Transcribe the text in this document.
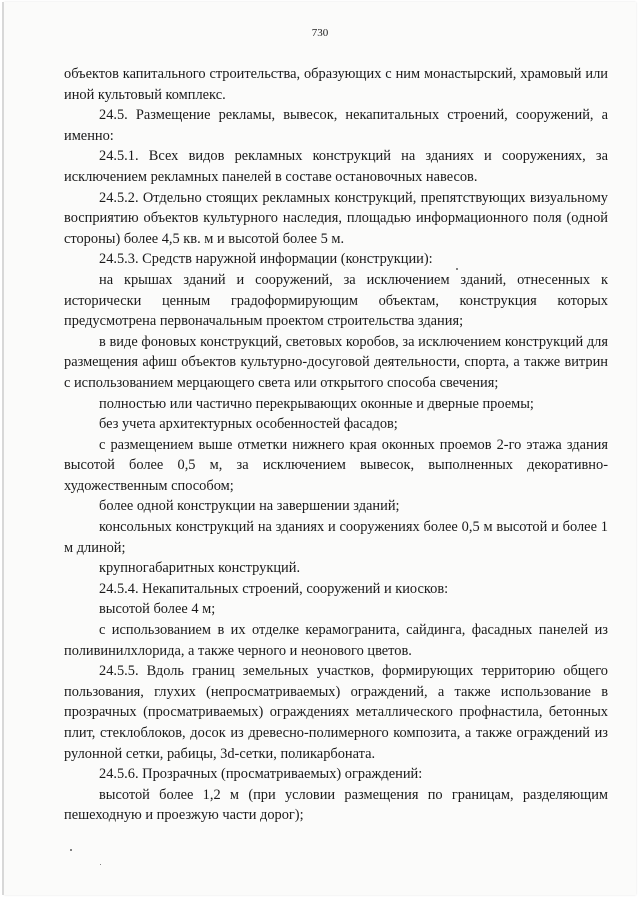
730

объектов капитального строительства, образующих с ним монастырский, храмовый или иной культовый комплекс.

24.5. Размещение рекламы, вывесок, некапитальных строений, сооружений, а именно:

24.5.1. Всех видов рекламных конструкций на зданиях и сооружениях, за исключением рекламных панелей в составе остановочных навесов.

24.5.2. Отдельно стоящих рекламных конструкций, препятствующих визуальному восприятию объектов культурного наследия, площадью информационного поля (одной стороны) более 4,5 кв. м и высотой более 5 м.

24.5.3. Средств наружной информации (конструкции):

на крышах зданий и сооружений, за исключением зданий, отнесенных к исторически ценным градоформирующим объектам, конструкция которых предусмотрена первоначальным проектом строительства здания;

в виде фоновых конструкций, световых коробов, за исключением конструкций для размещения афиш объектов культурно-досуговой деятельности, спорта, а также витрин с использованием мерцающего света или открытого способа свечения;

полностью или частично перекрывающих оконные и дверные проемы;

без учета архитектурных особенностей фасадов;

с размещением выше отметки нижнего края оконных проемов 2-го этажа здания высотой более 0,5 м, за исключением вывесок, выполненных декоративно-художественным способом;

более одной конструкции на завершении зданий;

консольных конструкций на зданиях и сооружениях более 0,5 м высотой и более 1 м длиной;

крупногабаритных конструкций.

24.5.4. Некапитальных строений, сооружений и киосков:

высотой более 4 м;

с использованием в их отделке керамогранита, сайдинга, фасадных панелей из поливинилхлорида, а также черного и неонового цветов.

24.5.5. Вдоль границ земельных участков, формирующих территорию общего пользования, глухих (непросматриваемых) ограждений, а также использование в прозрачных (просматриваемых) ограждениях металлического профнастила, бетонных плит, стеклоблоков, досок из древесно-полимерного композита, а также ограждений из рулонной сетки, рабицы, 3d-сетки, поликарбоната.

24.5.6. Прозрачных (просматриваемых) ограждений:

высотой более 1,2 м (при условии размещения по границам, разделяющим пешеходную и проезжую части дорог);
